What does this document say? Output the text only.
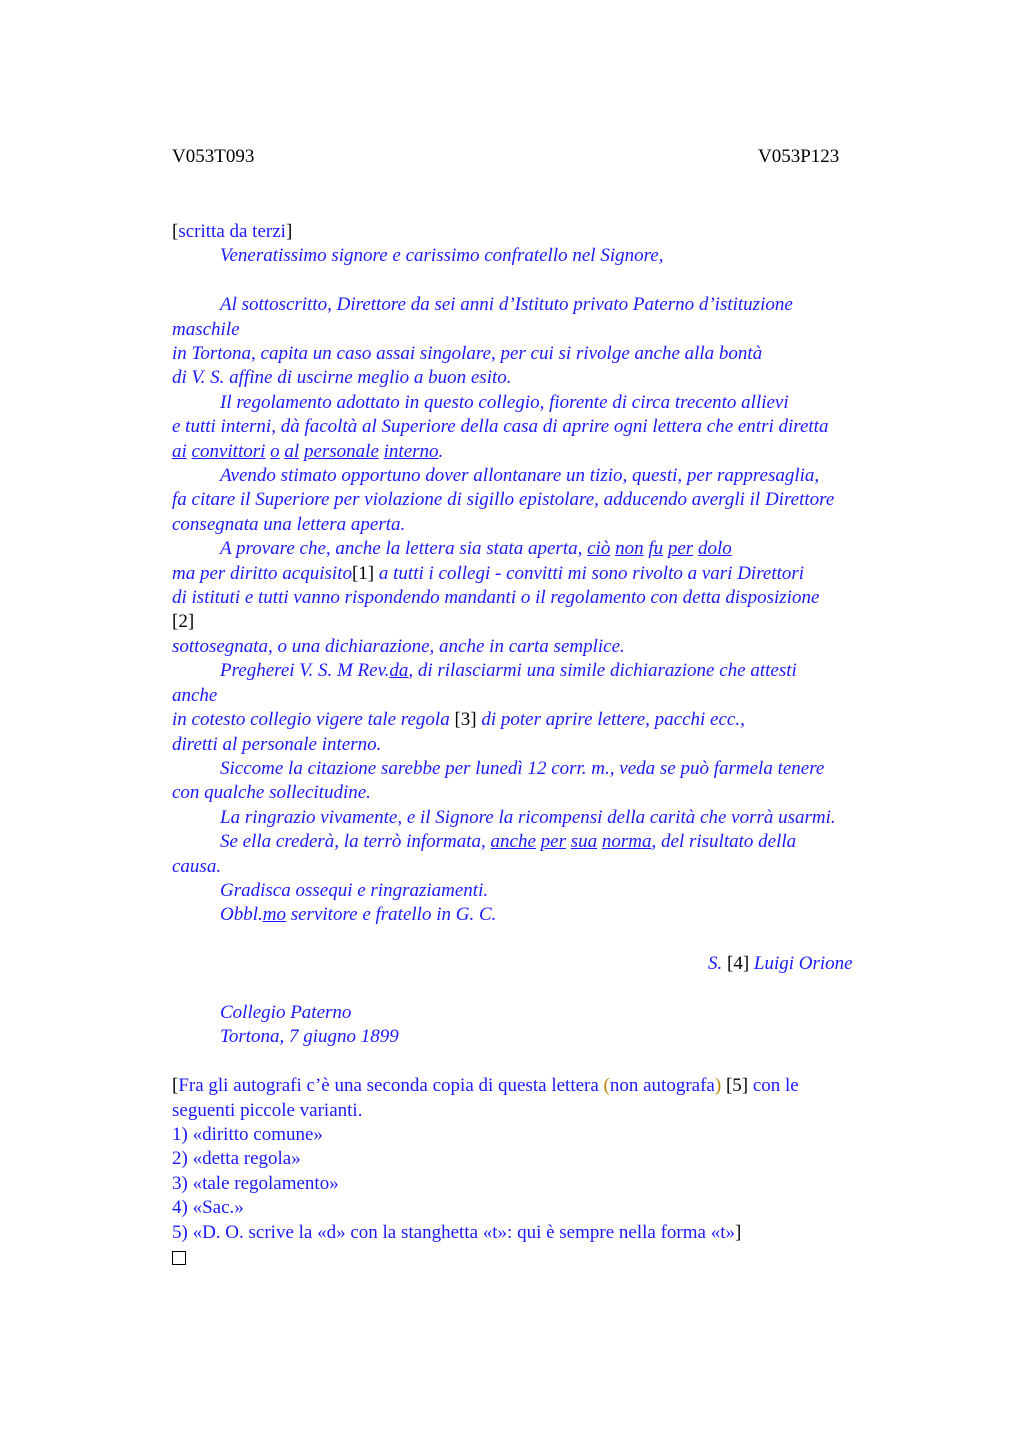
V053T093	V053P123
[scritta da terzi]
Veneratissimo signore e carissimo confratello nel Signore,
Al sottoscritto, Direttore da sei anni d’Istituto privato Paterno d’istituzione
maschile
in Tortona, capita un caso assai singolare, per cui si rivolge anche alla bontà
di V. S. affine di uscirne meglio a buon esito.
Il regolamento adottato in questo collegio, fiorente di circa trecento allievi
e tutti interni, dà facoltà al Superiore della casa di aprire ogni lettera che entri diretta
ai convittori o al personale interno.
Avendo stimato opportuno dover allontanare un tizio, questi, per rappresaglia,
fa citare il Superiore per violazione di sigillo epistolare, adducendo avergli il Direttore
consegnata una lettera aperta.
A provare che, anche la lettera sia stata aperta, ciò non fu per dolo
ma per diritto acquisito[1] a tutti i collegi - convitti mi sono rivolto a vari Direttori
di istituti e tutti vanno rispondendo mandanti o il regolamento con detta disposizione
[2]
sottosegnata, o una dichiarazione, anche in carta semplice.
Pregherei V. S. M Rev.da, di rilasciarmi una simile dichiarazione che attesti
anche
in cotesto collegio vigere tale regola [3] di poter aprire lettere, pacchi ecc.,
diretti al personale interno.
Siccome la citazione sarebbe per lunedì 12 corr. m., veda se può farmela tenere
con qualche sollecitudine.
La ringrazio vivamente, e il Signore la ricompensi della carità che vorrà usarmi.
Se ella crederà, la terrò informata, anche per sua norma, del risultato della
causa.
Gradisca ossequi e ringraziamenti.
Obbl.mo servitore e fratello in G. C.
S. [4] Luigi Orione
Collegio Paterno
Tortona, 7 giugno 1899
[Fra gli autografi c’è una seconda copia di questa lettera (non autografa) [5] con le
seguenti piccole varianti.
1) «diritto comune»
2) «detta regola»
3) «tale regolamento»
4) «Sac.»
5) «D. O. scrive la «d» con la stanghetta «t»: qui è sempre nella forma «t»]
